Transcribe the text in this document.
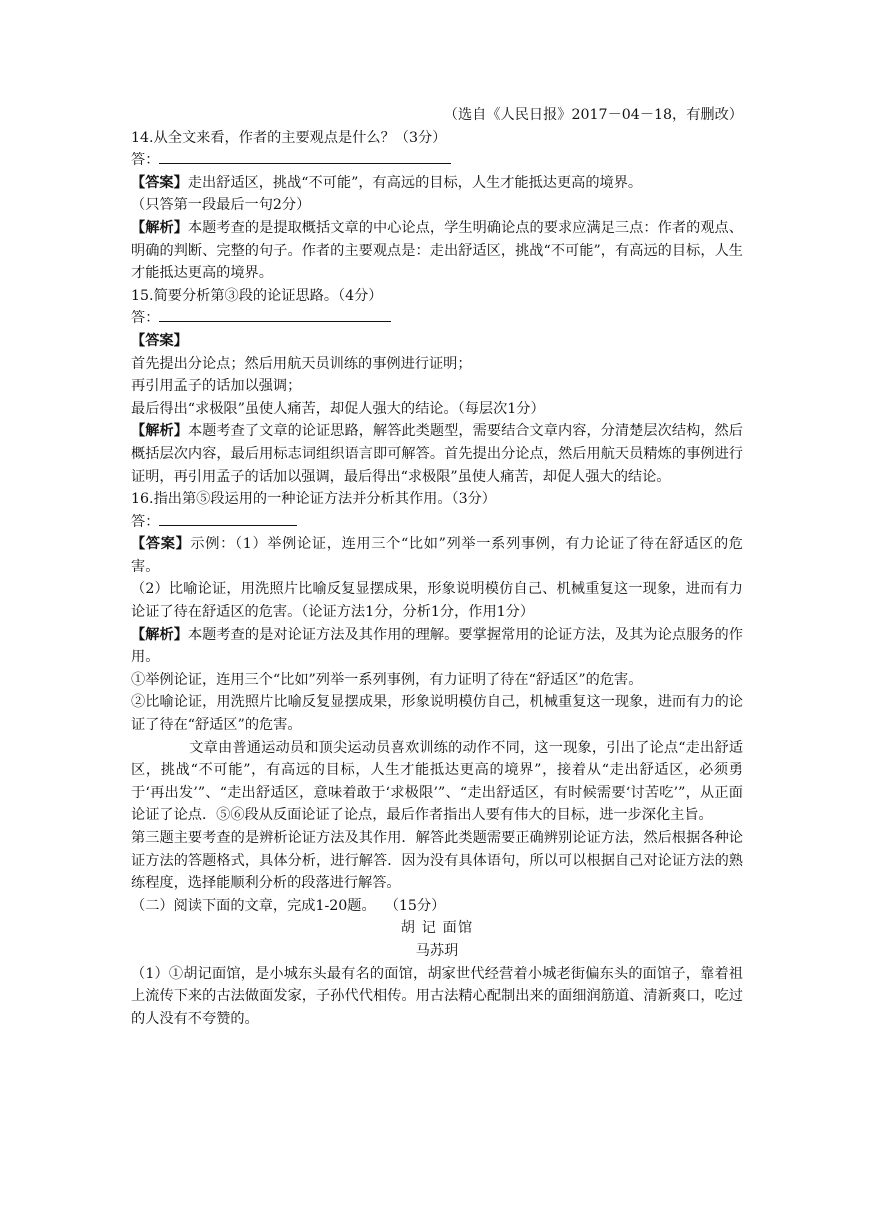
（选自《人民日报》2017－04－18，有删改）

14.从全文来看，作者的主要观点是什么？（3分）

答：

【答案】走出舒适区，挑战“不可能”，有高远的目标，人生才能抵达更高的境界。

（只答第一段最后一句2分）

【解析】本题考查的是提取概括文章的中心论点，学生明确论点的要求应满足三点：作者的观点、明确的判断、完整的句子。作者的主要观点是：走出舒适区，挑战“不可能”，有高远的目标，人生才能抵达更高的境界。

15.简要分析第③段的论证思路。（4分）

答：

【答案】

首先提出分论点；然后用航天员训练的事例进行证明；

再引用孟子的话加以强调；

最后得出“求极限”虽使人痛苦，却促人强大的结论。（每层次1分）

【解析】本题考查了文章的论证思路，解答此类题型，需要结合文章内容，分清楚层次结构，然后概括层次内容，最后用标志词组织语言即可解答。首先提出分论点，然后用航天员精炼的事例进行证明，再引用孟子的话加以强调，最后得出“求极限”虽使人痛苦，却促人强大的结论。

16.指出第⑤段运用的一种论证方法并分析其作用。（3分）

答：

【答案】示例：（1）举例论证，连用三个“比如”列举一系列事例，有力论证了待在舒适区的危害。

（2）比喻论证，用洗照片比喻反复显摆成果，形象说明模仿自己、机械重复这一现象，进而有力论证了待在舒适区的危害。（论证方法1分，分析1分，作用1分）

【解析】本题考查的是对论证方法及其作用的理解。要掌握常用的论证方法，及其为论点服务的作用。

①举例论证，连用三个“比如”列举一系列事例，有力证明了待在“舒适区”的危害。

②比喻论证，用洗照片比喻反复显摆成果，形象说明模仿自己，机械重复这一现象，进而有力的论证了待在“舒适区”的危害。

文章由普通运动员和顶尖运动员喜欢训练的动作不同，这一现象，引出了论点“走出舒适区，挑战“不可能”，有高远的目标，人生才能抵达更高的境界”，接着从“走出舒适区，必须勇于‘再出发’”、“走出舒适区，意味着敢于‘求极限’”、“走出舒适区，有时候需要‘讨苦吃’”，从正面论证了论点．⑤⑥段从反面论证了论点，最后作者指出人要有伟大的目标，进一步深化主旨。

第三题主要考查的是辨析论证方法及其作用．解答此类题需要正确辨别论证方法，然后根据各种论证方法的答题格式，具体分析，进行解答．因为没有具体语句，所以可以根据自己对论证方法的熟练程度，选择能顺利分析的段落进行解答。

（二）阅读下面的文章，完成1-20题。  （15分）

胡 记 面馆

马苏玥

（1）①胡记面馆，是小城东头最有名的面馆，胡家世代经营着小城老街偏东头的面馆子，靠着祖上流传下来的古法做面发家，子孙代代相传。用古法精心配制出来的面细润筋道、清新爽口，吃过的人没有不夸赞的。
